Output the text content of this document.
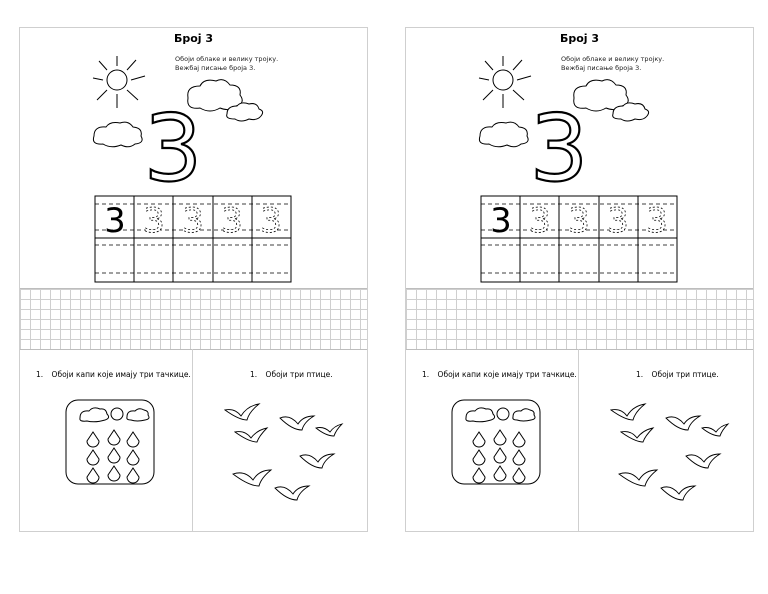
Број 3
Обоји облаке и велику тројку.
Вежбај писање броја 3.
3
3 3 3 3 3
1. Обоји капи које имају три тачкице.	1. Обоји три птице.
Број 3
Обоји облаке и велику тројку.
Вежбај писање броја 3.
3
3 3 3 3 3
1. Обоји капи које имају три тачкице.	1. Обоји три птице.
